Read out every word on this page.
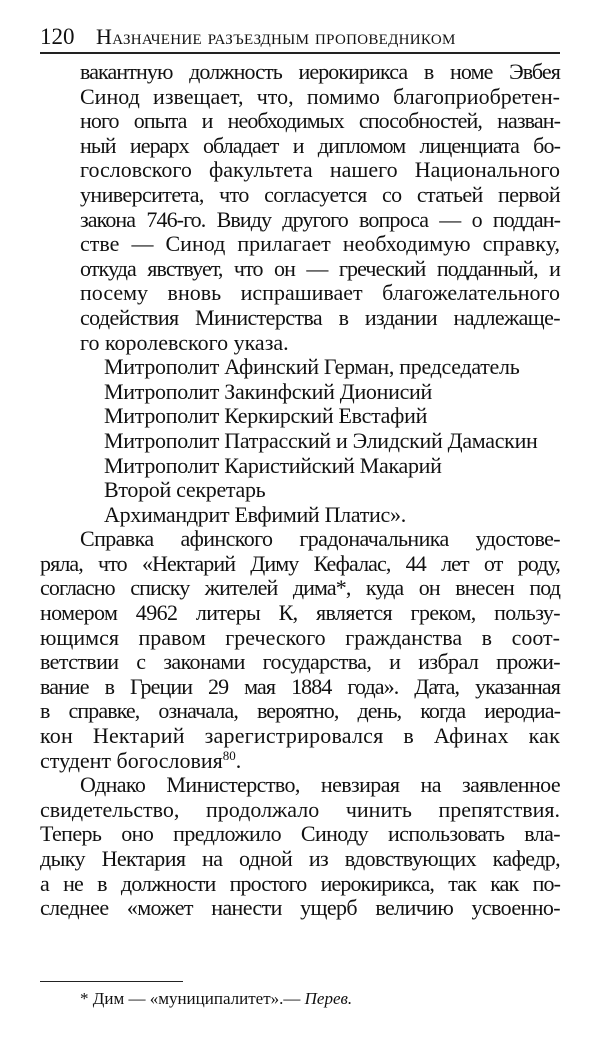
120 Назначение разъездным проповедником
вакантную должность иерокирикса в номе Эвбея
Синод извещает, что, помимо благоприобретен-
ного опыта и необходимых способностей, назван-
ный иерарх обладает и дипломом лиценциата бо-
гословского факультета нашего Национального
университета, что согласуется со статьей первой
закона 746-го. Ввиду другого вопроса — о поддан-
стве — Синод прилагает необходимую справку,
откуда явствует, что он — греческий подданный, и
посему вновь испрашивает благожелательного
содействия Министерства в издании надлежаще-
го королевского указа.
Митрополит Афинский Герман, председатель
Митрополит Закинфский Дионисий
Митрополит Керкирский Евстафий
Митрополит Патрасский и Элидский Дамаскин
Митрополит Каристийский Макарий
Второй секретарь
Архимандрит Евфимий Платис».
Справка афинского градоначальника удостове-
ряла, что «Нектарий Диму Кефалас, 44 лет от роду,
согласно списку жителей дима*, куда он внесен под
номером 4962 литеры К, является греком, пользу-
ющимся правом греческого гражданства в соот-
ветствии с законами государства, и избрал прожи-
вание в Греции 29 мая 1884 года». Дата, указанная
в справке, означала, вероятно, день, когда иеродиа-
кон Нектарий зарегистрировался в Афинах как
студент богословия$^{80}$.
Однако Министерство, невзирая на заявленное
свидетельство, продолжало чинить препятствия.
Теперь оно предложило Синоду использовать вла-
дыку Нектария на одной из вдовствующих кафедр,
а не в должности простого иерокирикса, так как по-
следнее «может нанести ущерб величию усвоенно-
* Дим — «муниципалитет».— Перев.
